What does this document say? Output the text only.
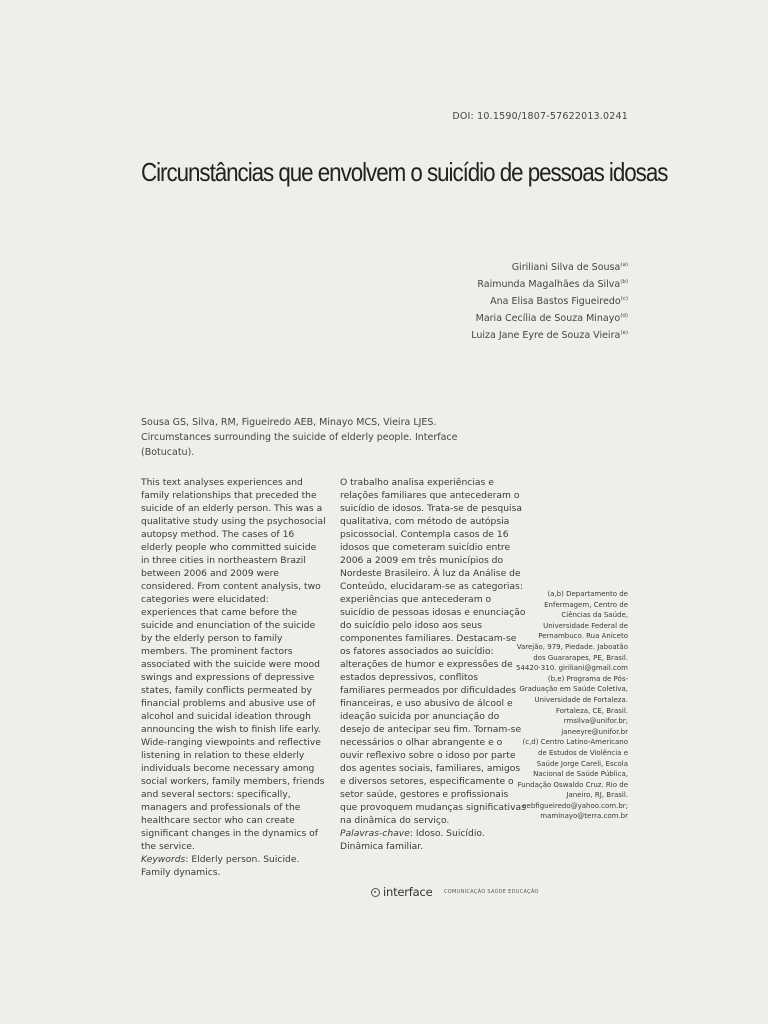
DOI: 10.1590/1807-57622013.0241
Circunstâncias que envolvem o suicídio de pessoas idosas
Giriliani Silva de Sousa$^{(a)}$
Raimunda Magalhães da Silva$^{(b)}$
Ana Elisa Bastos Figueiredo$^{(c)}$
Maria Cecília de Souza Minayo$^{(d)}$
Luiza Jane Eyre de Souza Vieira$^{(e)}$
Sousa GS, Silva, RM, Figueiredo AEB, Minayo MCS, Vieira LJES. Circumstances surrounding the suicide of elderly people. Interface (Botucatu).

This text analyses experiences and family relationships that preceded the suicide of an elderly person. This was a qualitative study using the psychosocial autopsy method. The cases of 16 elderly people who committed suicide in three cities in northeastern Brazil between 2006 and 2009 were considered. From content analysis, two categories were elucidated: experiences that came before the suicide and enunciation of the suicide by the elderly person to family members. The prominent factors associated with the suicide were mood swings and expressions of depressive states, family conflicts permeated by financial problems and abusive use of alcohol and suicidal ideation through announcing the wish to finish life early. Wide-ranging viewpoints and reflective listening in relation to these elderly individuals become necessary among social workers, family members, friends and several sectors: specifically, managers and professionals of the healthcare sector who can create significant changes in the dynamics of the service.

Keywords: Elderly person. Suicide. Family dynamics.

O trabalho analisa experiências e relações familiares que antecederam o suicídio de idosos. Trata-se de pesquisa qualitativa, com método de autópsia psicossocial. Contempla casos de 16 idosos que cometeram suicídio entre 2006 a 2009 em três municípios do Nordeste Brasileiro. À luz da Análise de Conteúdo, elucidaram-se as categorias: experiências que antecederam o suicídio de pessoas idosas e enunciação do suicídio pelo idoso aos seus componentes familiares. Destacam-se os fatores associados ao suicídio: alterações de humor e expressões de estados depressivos, conflitos familiares permeados por dificuldades financeiras, e uso abusivo de álcool e ideação suicida por anunciação do desejo de antecipar seu fim. Tornam-se necessários o olhar abrangente e o ouvir reflexivo sobre o idoso por parte dos agentes sociais, familiares, amigos e diversos setores, especificamente o setor saúde, gestores e profissionais que provoquem mudanças significativas na dinâmica do serviço.

Palavras-chave: Idoso. Suicídio. Dinâmica familiar.

(a,b) Departamento de Enfermagem, Centro de Ciências da Saúde, Universidade Federal de Pernambuco. Rua Aniceto Varejão, 979, Piedade. Jaboatão dos Guararapes, PE, Brasil. 54420-310. giriliani@gmail.com

(b,e) Programa de Pós-Graduação em Saúde Coletiva, Universidade de Fortaleza. Fortaleza, CE, Brasil. rmsilva@unifor.br; janeeyre@unifor.br

(c,d) Centro Latino-Americano de Estudos de Violência e Saúde Jorge Careli, Escola Nacional de Saúde Pública, Fundação Oswaldo Cruz. Rio de Janeiro, RJ, Brasil. aebfigueiredo@yahoo.com.br; maminayo@terra.com.br

interface COMUNICAÇÃO SAÚDE EDUCAÇÃO
